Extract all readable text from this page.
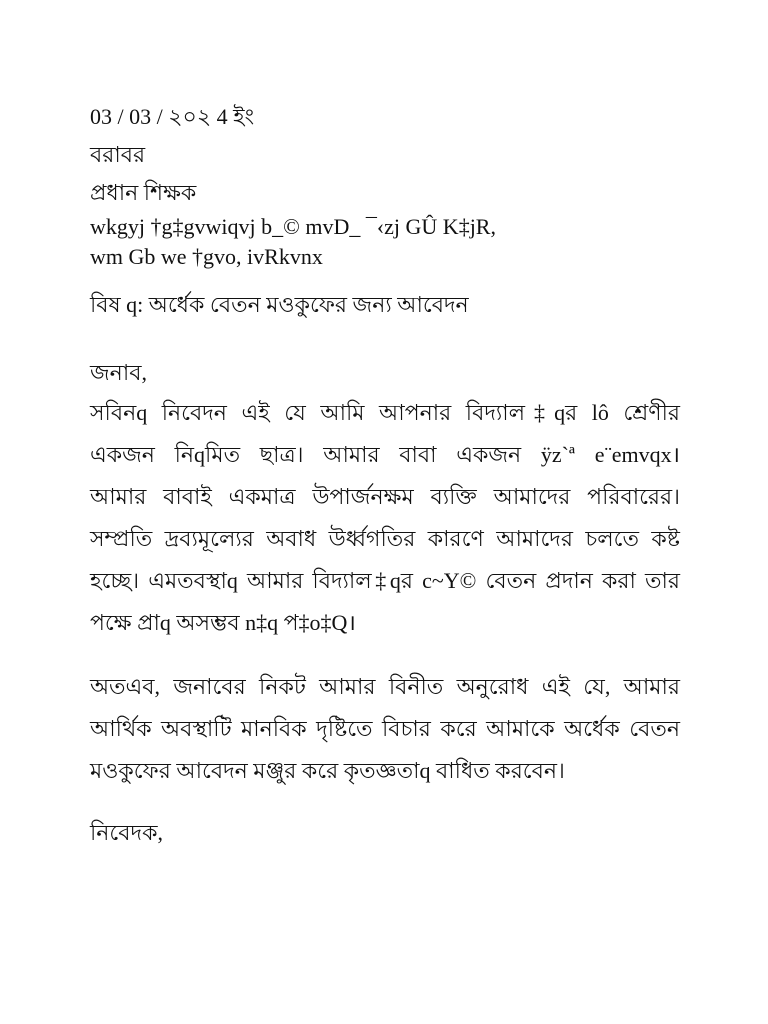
03 / 03 / ২০২ 4 ইং
বরাবর
প্রধান শিক্ষক
wkgyj †g‡gvwiqvj b_© mvD_ ¯‹zj GÛ K‡jR,
wm Gb we †gvo, ivRkvnx
বিষ q: অর্ধেক বেতন মওকুফের জন্য আবেদন
জনাব,
সবিনq নিবেদন এই যে আমি আপনার বিদ্যাল‡qর lô শ্রেণীর
একজন নিqমিত ছাত্র। আমার বাবা একজন ÿz`ª e¨emvqx।
আমার বাবাই একমাত্র উপার্জনক্ষম ব্যক্তি আমাদের পরিবারের।
সম্প্রতি দ্রব্যমূল্যের অবাধ উর্ধ্বগতির কারণে আমাদের চলতে কষ্ট
হচ্ছে। এমতবস্থাq আমার বিদ্যাল‡qর c~Y© বেতন প্রদান করা তার
পক্ষে প্রাq অসম্ভব n‡q প‡o‡Q।
অতএব, জনাবের নিকট আমার বিনীত অনুরোধ এই যে, আমার
আর্থিক অবস্থাটি মানবিক দৃষ্টিতে বিচার করে আমাকে অর্ধেক বেতন
মওকুফের আবেদন মঞ্জুর করে কৃতজ্ঞতাq বাধিত করবেন।
নিবেদক,
